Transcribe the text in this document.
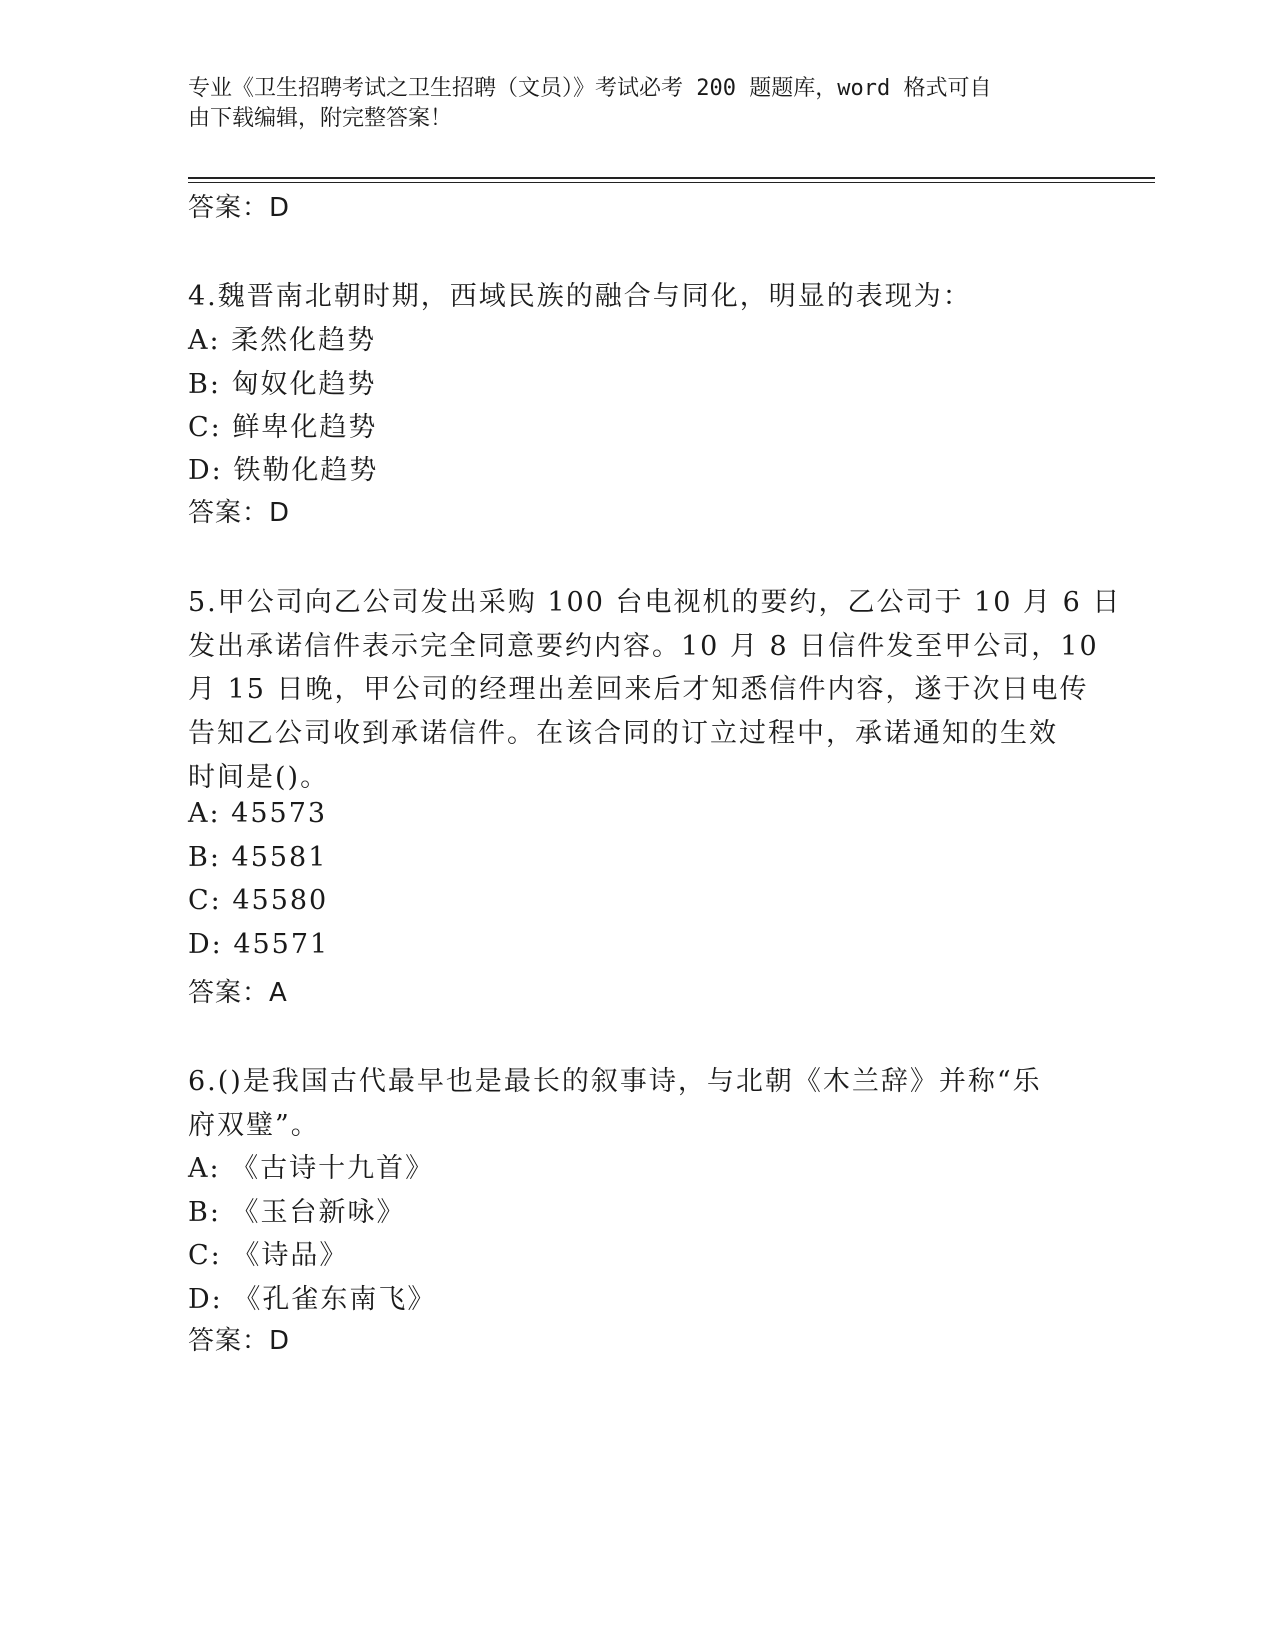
专业《卫生招聘考试之卫生招聘（文员）》考试必考 200 题题库，word 格式可自
由下载编辑，附完整答案！
答案：D
4.魏晋南北朝时期，西域民族的融合与同化，明显的表现为：
A: 柔然化趋势
B: 匈奴化趋势
C: 鲜卑化趋势
D: 铁勒化趋势
答案：D
5.甲公司向乙公司发出采购 100 台电视机的要约，乙公司于 10 月 6 日
发出承诺信件表示完全同意要约内容。10 月 8 日信件发至甲公司，10
月 15 日晚，甲公司的经理出差回来后才知悉信件内容，遂于次日电传
告知乙公司收到承诺信件。在该合同的订立过程中，承诺通知的生效
时间是()。
A: 45573
B: 45581
C: 45580
D: 45571
答案：A
6.()是我国古代最早也是最长的叙事诗，与北朝《木兰辞》并称“乐
府双璧”。
A: 《古诗十九首》
B: 《玉台新咏》
C: 《诗品》
D: 《孔雀东南飞》
答案：D
